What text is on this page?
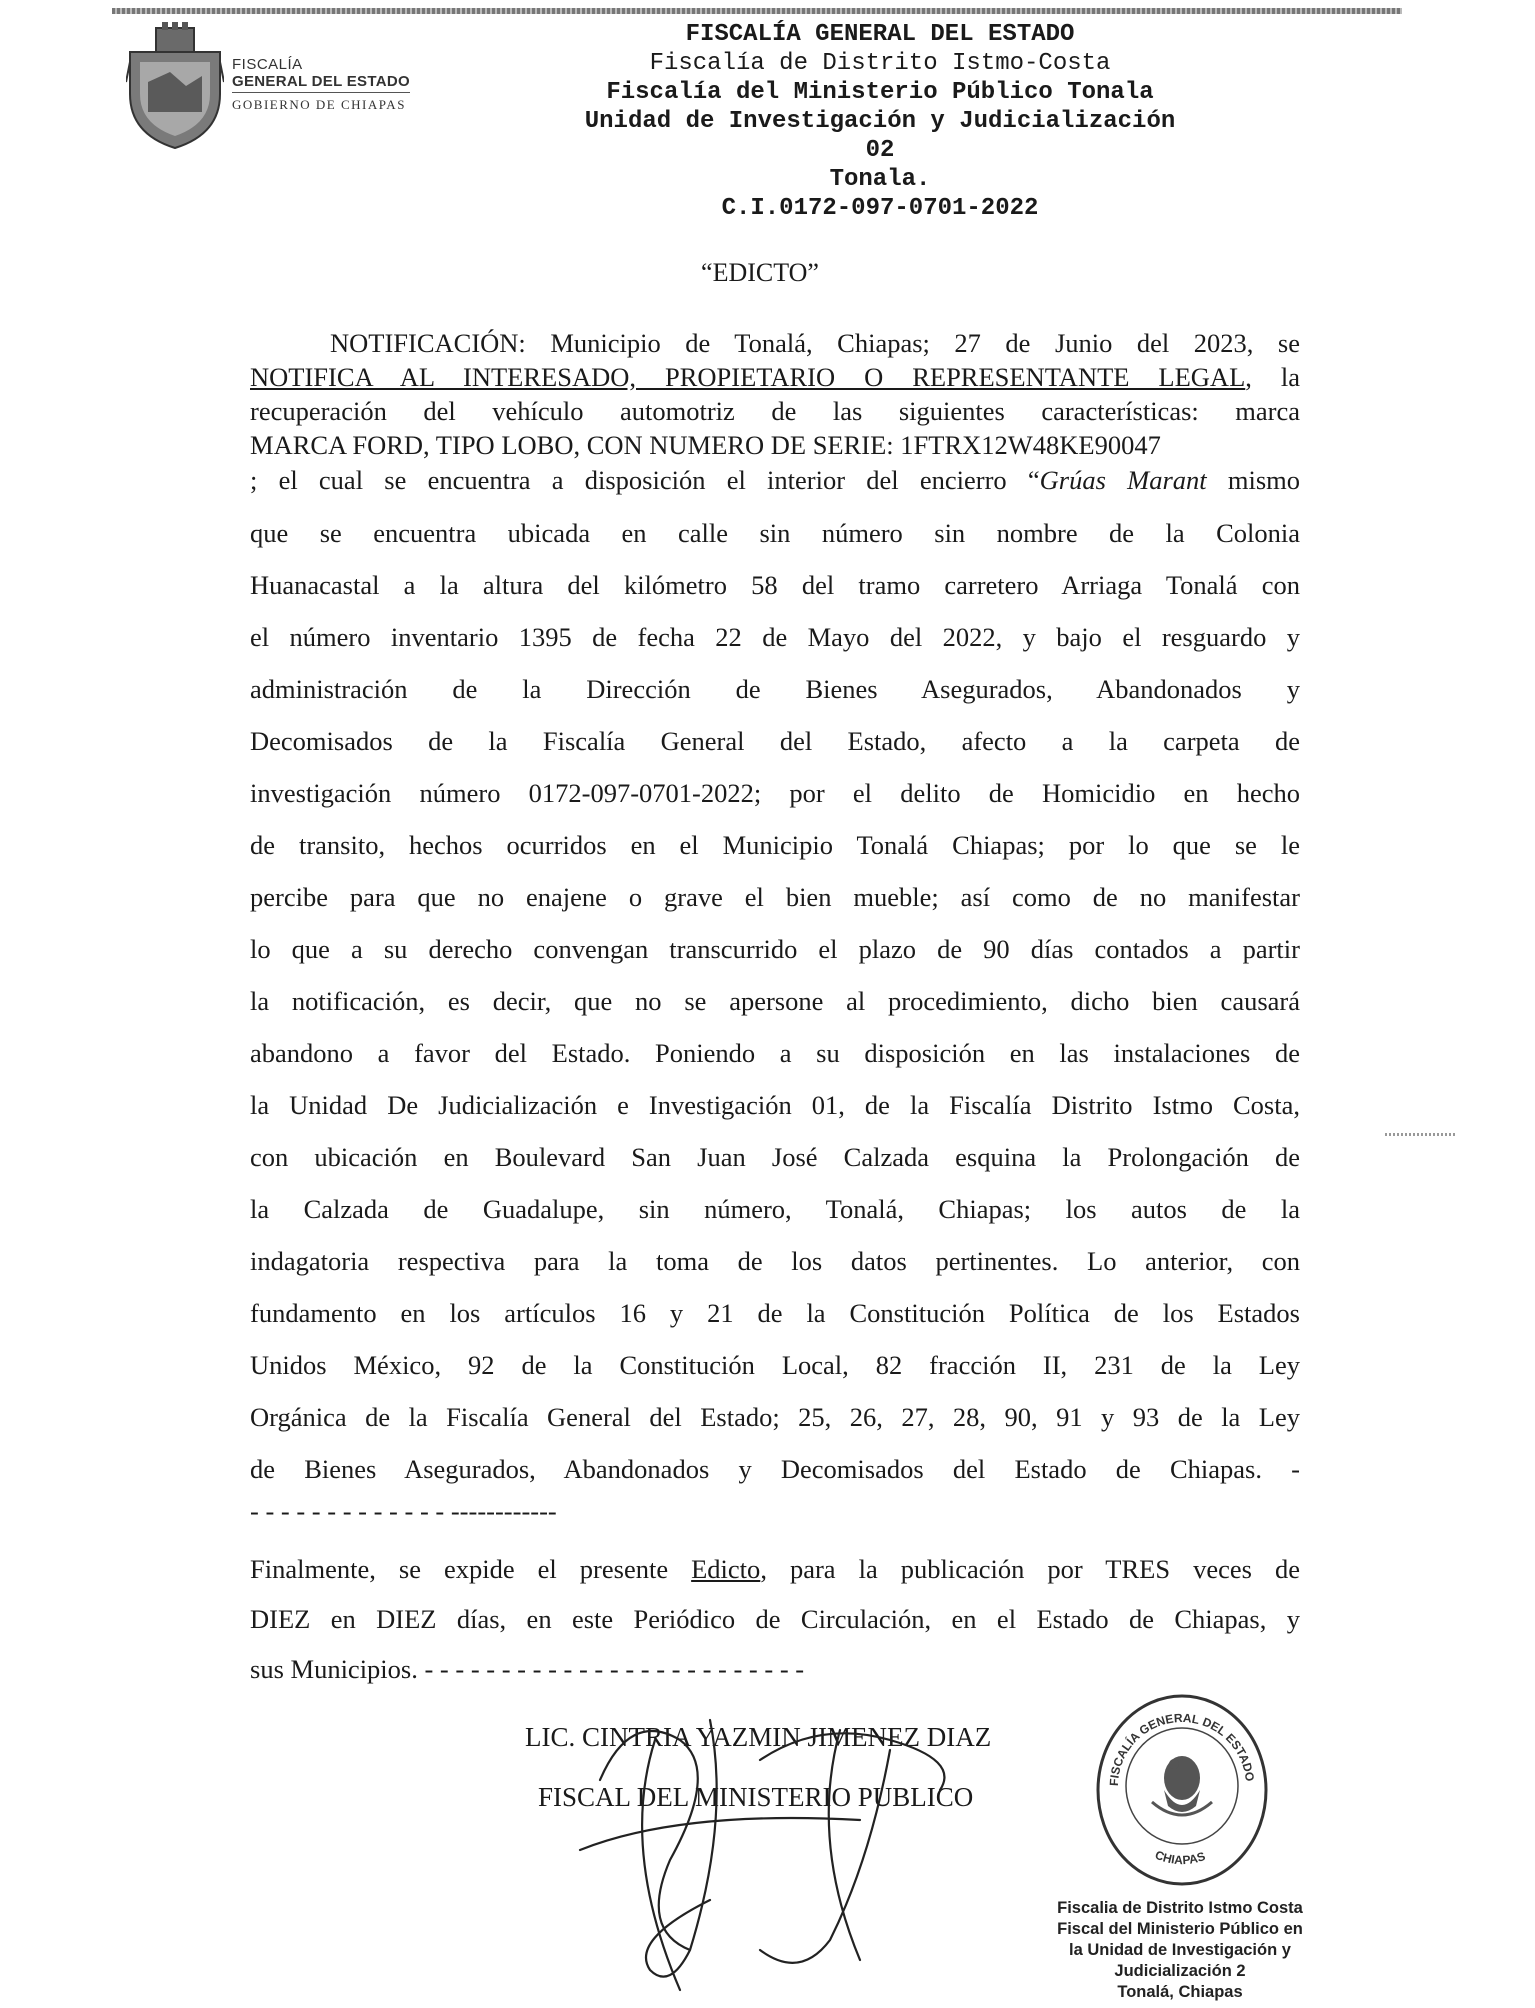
FISCALÍA
GENERAL DEL ESTADO
GOBIERNO DE CHIAPAS
FISCALÍA GENERAL DEL ESTADO
Fiscalía de Distrito Istmo-Costa
Fiscalía del Ministerio Público Tonala
Unidad de Investigación y Judicialización 02
Tonala.
C.I.0172-097-0701-2022
“EDICTO”
NOTIFICACIÓN: Municipio de Tonalá, Chiapas; 27 de Junio del 2023, se
NOTIFICA AL INTERESADO, PROPIETARIO O REPRESENTANTE LEGAL, la
recuperación del vehículo automotriz de las siguientes características: marca
MARCA FORD, TIPO LOBO, CON NUMERO DE SERIE: 1FTRX12W48KE90047
; el cual se encuentra a disposición el interior del encierro “Grúas Marant mismo
que se encuentra ubicada en calle sin número sin nombre de la Colonia
Huanacastal a la altura del kilómetro 58 del tramo carretero Arriaga Tonalá con
el número inventario 1395 de fecha 22 de Mayo del 2022, y bajo el resguardo y
administración de la Dirección de Bienes Asegurados, Abandonados y
Decomisados de la Fiscalía General del Estado, afecto a la carpeta de
investigación número 0172-097-0701-2022; por el delito de Homicidio en hecho
de transito, hechos ocurridos en el Municipio Tonalá Chiapas; por lo que se le
percibe para que no enajene o grave el bien mueble; así como de no manifestar
lo que a su derecho convengan transcurrido el plazo de 90 días contados a partir
la notificación, es decir, que no se apersone al procedimiento, dicho bien causará
abandono a favor del Estado. Poniendo a su disposición en las instalaciones de
la Unidad De Judicialización e Investigación 01, de la Fiscalía Distrito Istmo Costa,
con ubicación en Boulevard San Juan José Calzada esquina la Prolongación de
la Calzada de Guadalupe, sin número, Tonalá, Chiapas; los autos de la
indagatoria respectiva para la toma de los datos pertinentes. Lo anterior, con
fundamento en los artículos 16 y 21 de la Constitución Política de los Estados
Unidos México, 92 de la Constitución Local, 82 fracción II, 231 de la Ley
Orgánica de la Fiscalía General del Estado; 25, 26, 27, 28, 90, 91 y 93 de la Ley
de Bienes Asegurados, Abandonados y Decomisados del Estado de Chiapas. -
- - - - - - - - - - - - - ------------
Finalmente, se expide el presente Edicto, para la publicación por TRES veces de
DIEZ en DIEZ días, en este Periódico de Circulación, en el Estado de Chiapas, y
sus Municipios. - - - - - - - - - - - - - - - - - - - - - - - - -
LIC. CINTRIA YAZMIN JIMENEZ DIAZ
FISCAL DEL MINISTERIO PUBLICO	FISCALÍA GENERAL DEL ESTADO
CHIAPAS
Fiscalia de Distrito Istmo Costa
Fiscal del Ministerio Público en
la Unidad de Investigación y
Judicialización 2
Tonalá, Chiapas
